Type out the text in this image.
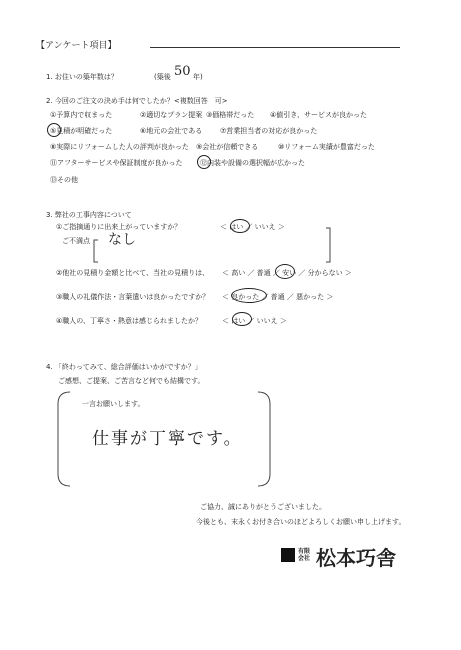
【アンケート項目】
1. お住いの築年数は？	(築後 50 年)
2. 今回のご注文の決め手は何でしたか？<複数回答　可>
①予算内で収まった	②適切なプラン提案 ③価格帯だった ④値引き、サービスが良かった
⑤見積が明確だった	⑥地元の会社である	⑦営業担当者の対応が良かった
⑧実際にリフォームした人の評判が良かった ⑨会社が信頼できる	⑩リフォーム実績が豊富だった
⑪アフターサービスや保証制度が良かった ⑫内装や設備の選択幅が広かった
⑬その他
3. 弊社の工事内容について
①ご指摘通りに出来上がっていますか？	＜ はい ／ いいえ ＞
ご不満点 なし
②他社の見積り金額と比べて、当社の見積りは、 ＜ 高い ／ 普通 ／ 安い ／ 分からない ＞
③職人の礼儀作法・言葉遣いは良かったですか？ ＜ 良かった ／ 普通 ／ 悪かった ＞
④職人の、丁寧さ・熱意は感じられましたか？	＜ はい ／ いいえ ＞
4. 「終わってみて、総合評価はいかがですか？」
ご感想、ご提案、ご苦言など何でも結構です。
一言お願いします。
仕事が丁寧です。
ご協力、誠にありがとうございました。
今後とも、末永くお付き合いのほどよろしくお願い申し上げます。
有限会社 松本巧舎
